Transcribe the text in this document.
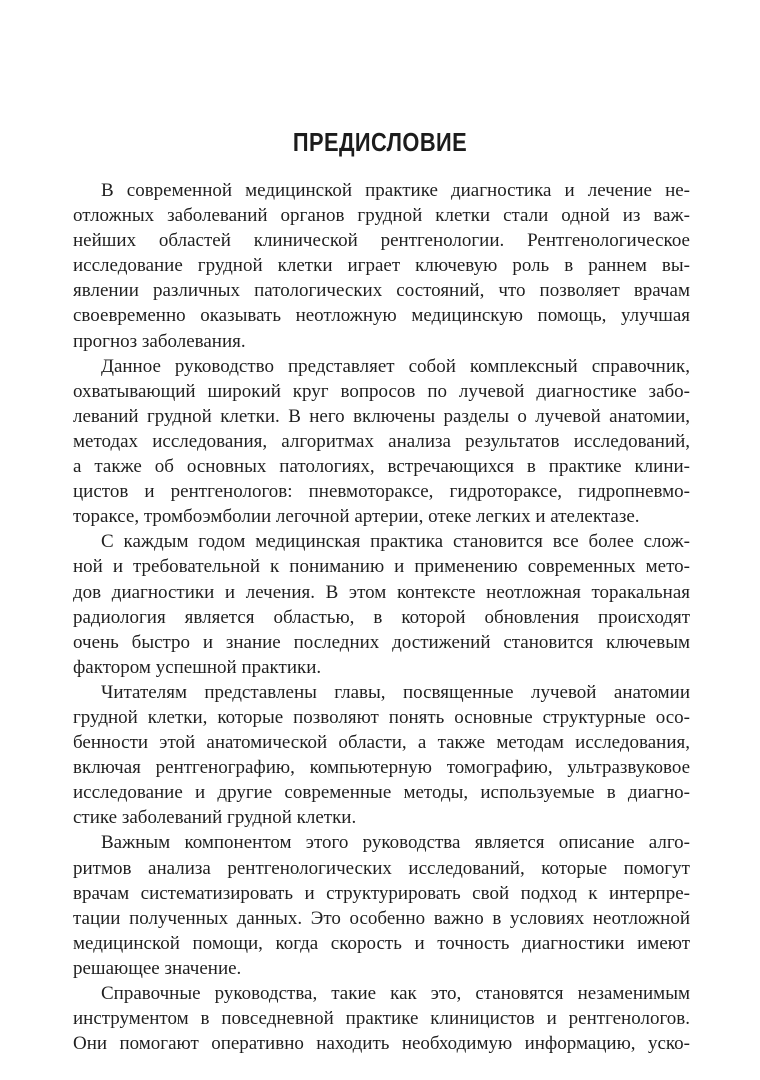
ПРЕДИСЛОВИЕ
В современной медицинской практике диагностика и лечение не-
отложных заболеваний органов грудной клетки стали одной из важ-
нейших областей клинической рентгенологии. Рентгенологическое
исследование грудной клетки играет ключевую роль в раннем вы-
явлении различных патологических состояний, что позволяет врачам
своевременно оказывать неотложную медицинскую помощь, улучшая
прогноз заболевания.
Данное руководство представляет собой комплексный справочник,
охватывающий широкий круг вопросов по лучевой диагностике забо-
леваний грудной клетки. В него включены разделы о лучевой анатомии,
методах исследования, алгоритмах анализа результатов исследований,
а также об основных патологиях, встречающихся в практике клини-
цистов и рентгенологов: пневмотораксе, гидротораксе, гидропневмо-
тораксе, тромбоэмболии легочной артерии, отеке легких и ателектазе.
С каждым годом медицинская практика становится все более слож-
ной и требовательной к пониманию и применению современных мето-
дов диагностики и лечения. В этом контексте неотложная торакальная
радиология является областью, в которой обновления происходят
очень быстро и знание последних достижений становится ключевым
фактором успешной практики.
Читателям представлены главы, посвященные лучевой анатомии
грудной клетки, которые позволяют понять основные структурные осо-
бенности этой анатомической области, а также методам исследования,
включая рентгенографию, компьютерную томографию, ультразвуковое
исследование и другие современные методы, используемые в диагно-
стике заболеваний грудной клетки.
Важным компонентом этого руководства является описание алго-
ритмов анализа рентгенологических исследований, которые помогут
врачам систематизировать и структурировать свой подход к интерпре-
тации полученных данных. Это особенно важно в условиях неотложной
медицинской помощи, когда скорость и точность диагностики имеют
решающее значение.
Справочные руководства, такие как это, становятся незаменимым
инструментом в повседневной практике клиницистов и рентгенологов.
Они помогают оперативно находить необходимую информацию, уско-
